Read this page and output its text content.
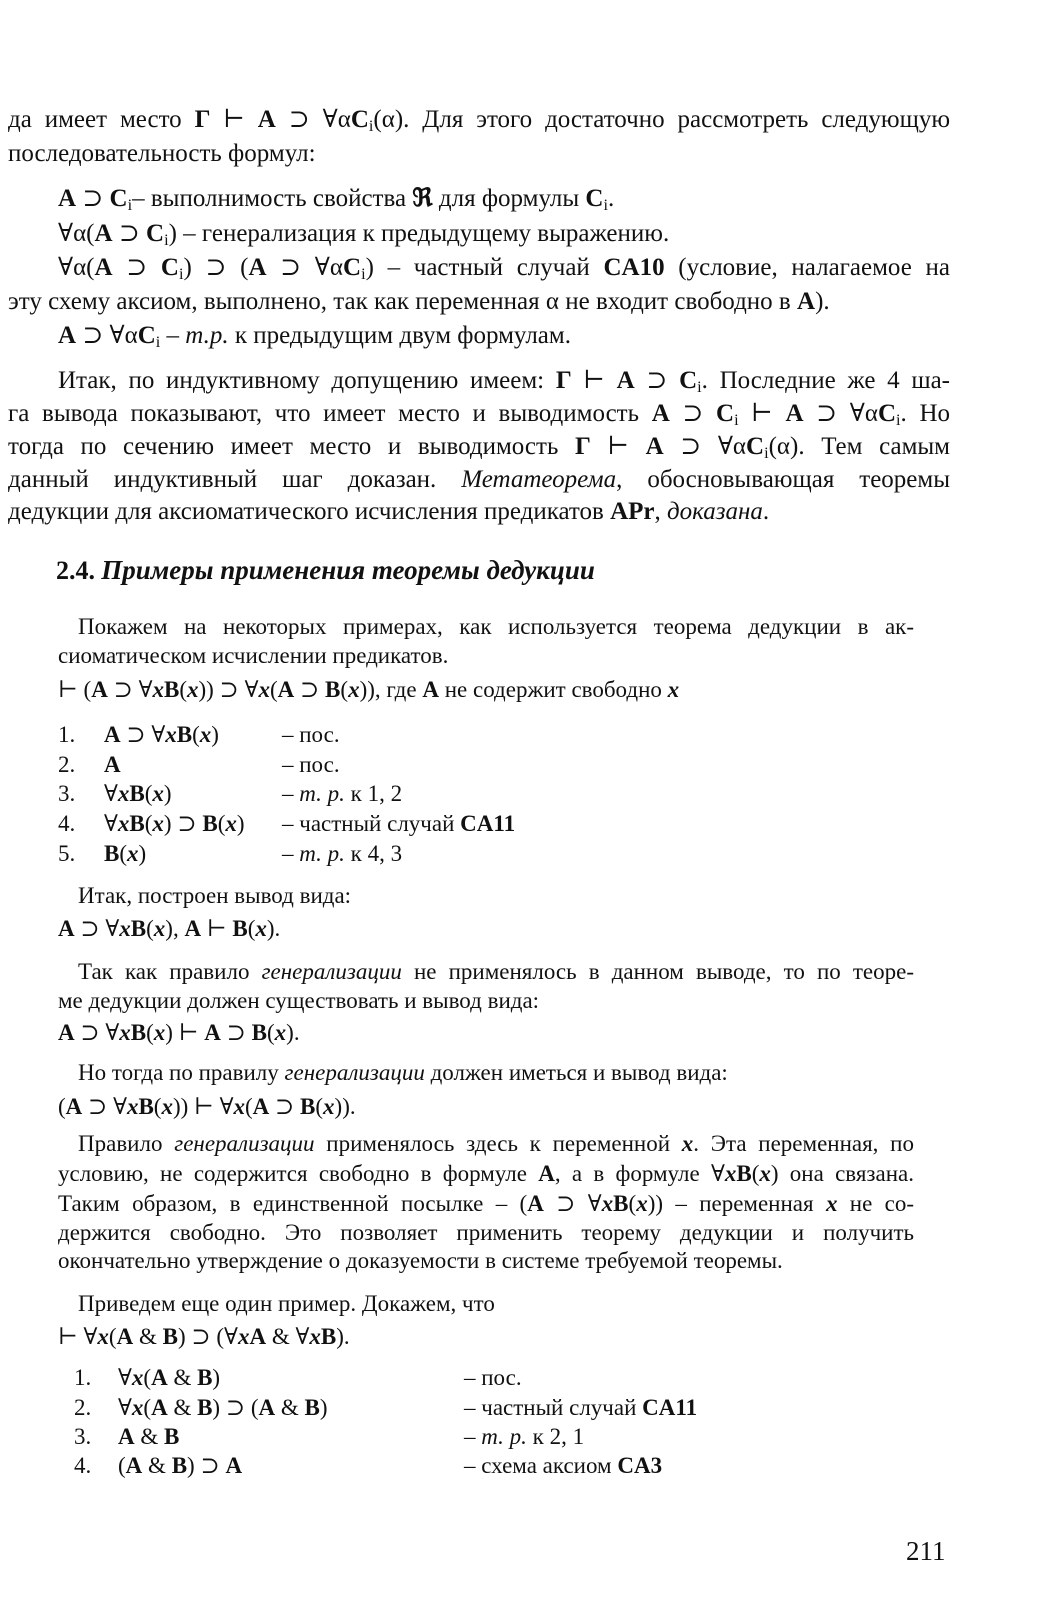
да имеет место Г ⊢ A ⊃ $\forall\alpha C_i(\alpha)$. Для этого достаточно рассмотреть следующую
последовательность формул:
A ⊃ $C_i-$ выполнимость свойства ℜ для формулы $C_i$.
∀α(A ⊃ $C_i$) – генерализация к предыдущему выражению.
∀α(A ⊃ $C_i$) ⊃ (A ⊃ $\forall\alpha C_i$) – частный случай CA10 (условие, налагаемое на
эту схему аксиом, выполнено, так как переменная α не входит свободно в A).
A ⊃ $\forall\alpha C_i - т.р$. к предыдущим двум формулам.
Итак, по индуктивному допущению имеем: Г ⊢ A ⊃ $C_i$. Последние же 4 ша-
га вывода показывают, что имеет место и выводимость A ⊃ $C_i$ ⊢ A ⊃ $\forall\alpha C_i$. Но
тогда по сечению имеет место и выводимость Г ⊢ A ⊃ $\forall\alpha C_i(\alpha)$. Тем самым
данный индуктивный шаг доказан. Метатеорема, обосновывающая теоремы
дедукции для аксиоматического исчисления предикатов APr, доказана.
2.4. Примеры применения теоремы дедукции
Покажем на некоторых примерах, как используется теорема дедукции в ак-
сиоматическом исчислении предикатов.
⊢ (A ⊃ ∀xB(x)) ⊃ ∀x(A ⊃ B(x)), где A не содержит свободно x
1. A ⊃ ∀xB(x)	– пос.
2. A	– пос.
3. ∀xB(x)	– т. р. к 1, 2
4. ∀xB(x) ⊃ B(x) – частный случай CA11
5. B(x)	– т. р. к 4, 3
Итак, построен вывод вида:
A ⊃ ∀xB(x), A ⊢ B(x).
Так как правило генерализации не применялось в данном выводе, то по теоре-
ме дедукции должен существовать и вывод вида:
A ⊃ ∀xB(x) ⊢ A ⊃ B(x).
Но тогда по правилу генерализации должен иметься и вывод вида:
(A ⊃ ∀xB(x)) ⊢ ∀x(A ⊃ B(x)).
Правило генерализации применялось здесь к переменной x. Эта переменная, по
условию, не содержится свободно в формуле A, а в формуле ∀xB(x) она связана.
Таким образом, в единственной посылке – (A ⊃ ∀xB(x)) – переменная x не со-
держится свободно. Это позволяет применить теорему дедукции и получить
окончательно утверждение о доказуемости в системе требуемой теоремы.
Приведем еще один пример. Докажем, что
⊢ ∀x(A & B) ⊃ (∀xA & ∀xB).
1. ∀x(A & B)	– пос.
2. ∀x(A & B) ⊃ (A & B)	– частный случай CA11
3. A & B	– т. р. к 2, 1
4. (A & B) ⊃ A	– схема аксиом CA3
211
